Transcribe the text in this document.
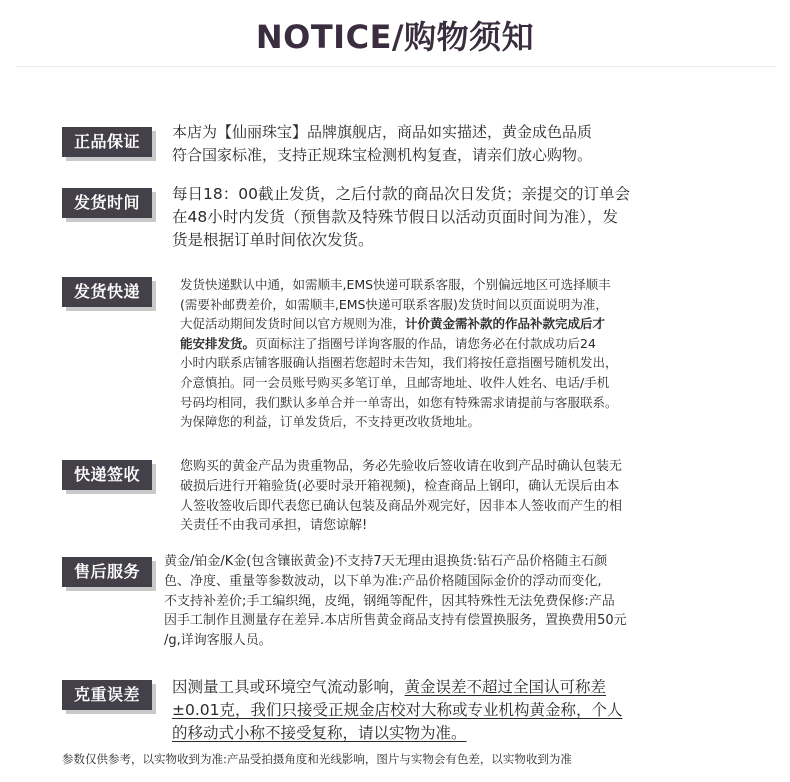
NOTICE/购物须知
正品保证	本店为【仙丽珠宝】品牌旗舰店，商品如实描述，黄金成色品质
符合国家标准，支持正规珠宝检测机构复查，请亲们放心购物。
发货时间	每日18：00截止发货，之后付款的商品次日发货；亲提交的订单会
在48小时内发货（预售款及特殊节假日以活动页面时间为准），发
货是根据订单时间依次发货。
发货快递	发货快递默认中通，如需顺丰,EMS快递可联系客服，个别偏远地区可选择顺丰
(需要补邮费差价，如需顺丰,EMS快递可联系客服)发货时间以页面说明为准，
大促活动期间发货时间以官方规则为准，计价黄金需补款的作品补款完成后才
能安排发货。页面标注了指圈号详询客服的作品，请您务必在付款成功后24
小时内联系店铺客服确认指圈若您超时未告知，我们将按任意指圈号随机发出，
介意慎拍。同一会员账号购买多笔订单，且邮寄地址、收件人姓名、电话/手机
号码均相同，我们默认多单合并一单寄出，如您有特殊需求请提前与客服联系。
为保障您的利益，订单发货后，不支持更改收货地址。
快递签收	您购买的黄金产品为贵重物品，务必先验收后签收请在收到产品时确认包装无
破损后进行开箱验货(必要时录开箱视频)，检查商品上钢印，确认无误后由本
人签收签收后即代表您已确认包装及商品外观完好，因非本人签收而产生的相
关责任不由我司承担，请您谅解!
售后服务
黄金/铂金/K金(包含镶嵌黄金)不支持7天无理由退换货:钻石产品价格随主石颜
色、净度、重量等参数波动，以下单为准:产品价格随国际金价的浮动而变化,
不支持补差价;手工编织绳，皮绳，钢绳等配件，因其特殊性无法免费保修:产品
因手工制作且测量存在差异.本店所售黄金商品支持有偿置换服务，置换费用50元
/g,详询客服人员。
克重误差	因测量工具或环境空气流动影响，黄金误差不超过全国认可称差
±0.01克，我们只接受正规金店校对大称或专业机构黄金称，个人
的移动式小称不接受复称，请以实物为准。

参数仅供参考，以实物收到为准:产品受拍摄角度和光线影响，图片与实物会有色差，以实物收到为准
